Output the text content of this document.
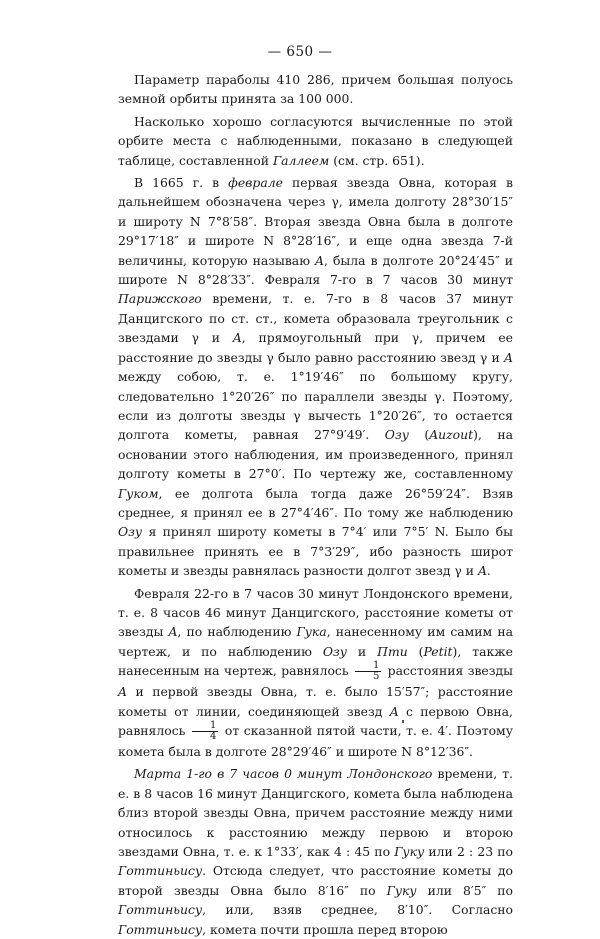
— 650 —

Параметр параболы 410 286, причем большая полуось земной орбиты принята за 100 000.

Насколько хорошо согласуются вычисленные по этой орбите места с наблюденными, показано в следующей таблице, составленной Галлеем (см. стр. 651).

В 1665 г. в феврале первая звезда Овна, которая в дальнейшем обозначена через γ, имела долготу 28°30′15″ и широту N 7°8′58″. Вторая звезда Овна была в долготе 29°17′18″ и широте N 8°28′16″, и еще одна звезда 7-й величины, которую называю A, была в долготе 20°24′45″ и широте N 8°28′33″. Февраля 7-го в 7 часов 30 минут Парижского времени, т. е. 7-го в 8 часов 37 минут Данцигского по ст. ст., комета образовала треугольник с звездами γ и A, прямоугольный при γ, причем ее расстояние до звезды γ было равно расстоянию звезд γ и A между собою, т. е. 1°19′46″ по большому кругу, следовательно 1°20′26″ по параллели звезды γ. Поэтому, если из долготы звезды γ вычесть 1°20′26″, то остается долгота кометы, равная 27°9′49′. Озу (Auzout), на основании этого наблюдения, им произведенного, принял долготу кометы в 27°0′. По чертежу же, составленному Гуком, ее долгота была тогда даже 26°59′24″. Взяв среднее, я принял ее в 27°4′46″. По тому же наблюдению Озу я принял широту кометы в 7°4′ или 7°5′ N. Было бы правильнее принять ее в 7°3′29″, ибо разность широт кометы и звезды равнялась разности долгот звезд γ и A.

Февраля 22-го в 7 часов 30 минут Лондонского времени, т. е. 8 часов 46 минут Данцигского, расстояние кометы от звезды A, по наблюдению Гука, нанесенному им самим на чертеж, и по наблюдению Озу и Пти (Petit), также нанесенным на чертеж, равнялось $\frac{1}{5}$ расстояния звезды A и первой звезды Овна, т. е. было 15′57″; расстояние кометы от линии, соединяющей звезд A с первою Овна, равнялось $\frac{1}{4}$ от сказанной пятой части, т. е. 4′. Поэтому комета была в долготе 28°29′46″ и широте N 8°12′36″.

Марта 1-го в 7 часов 0 минут Лондонского времени, т. е. в 8 часов 16 минут Данцигского, комета была наблюдена близ второй звезды Овна, причем расстояние между ними относилось к расстоянию между первою и второю звездами Овна, т. е. к 1°33′, как 4 : 45 по Гуку или 2 : 23 по Готтиньису. Отсюда следует, что расстояние кометы до второй звезды Овна было 8′16″ по Гуку или 8′5″ по Готтиньису, или, взяв среднее, 8′10″. Согласно Готтиньису, комета почти прошла перед второю
